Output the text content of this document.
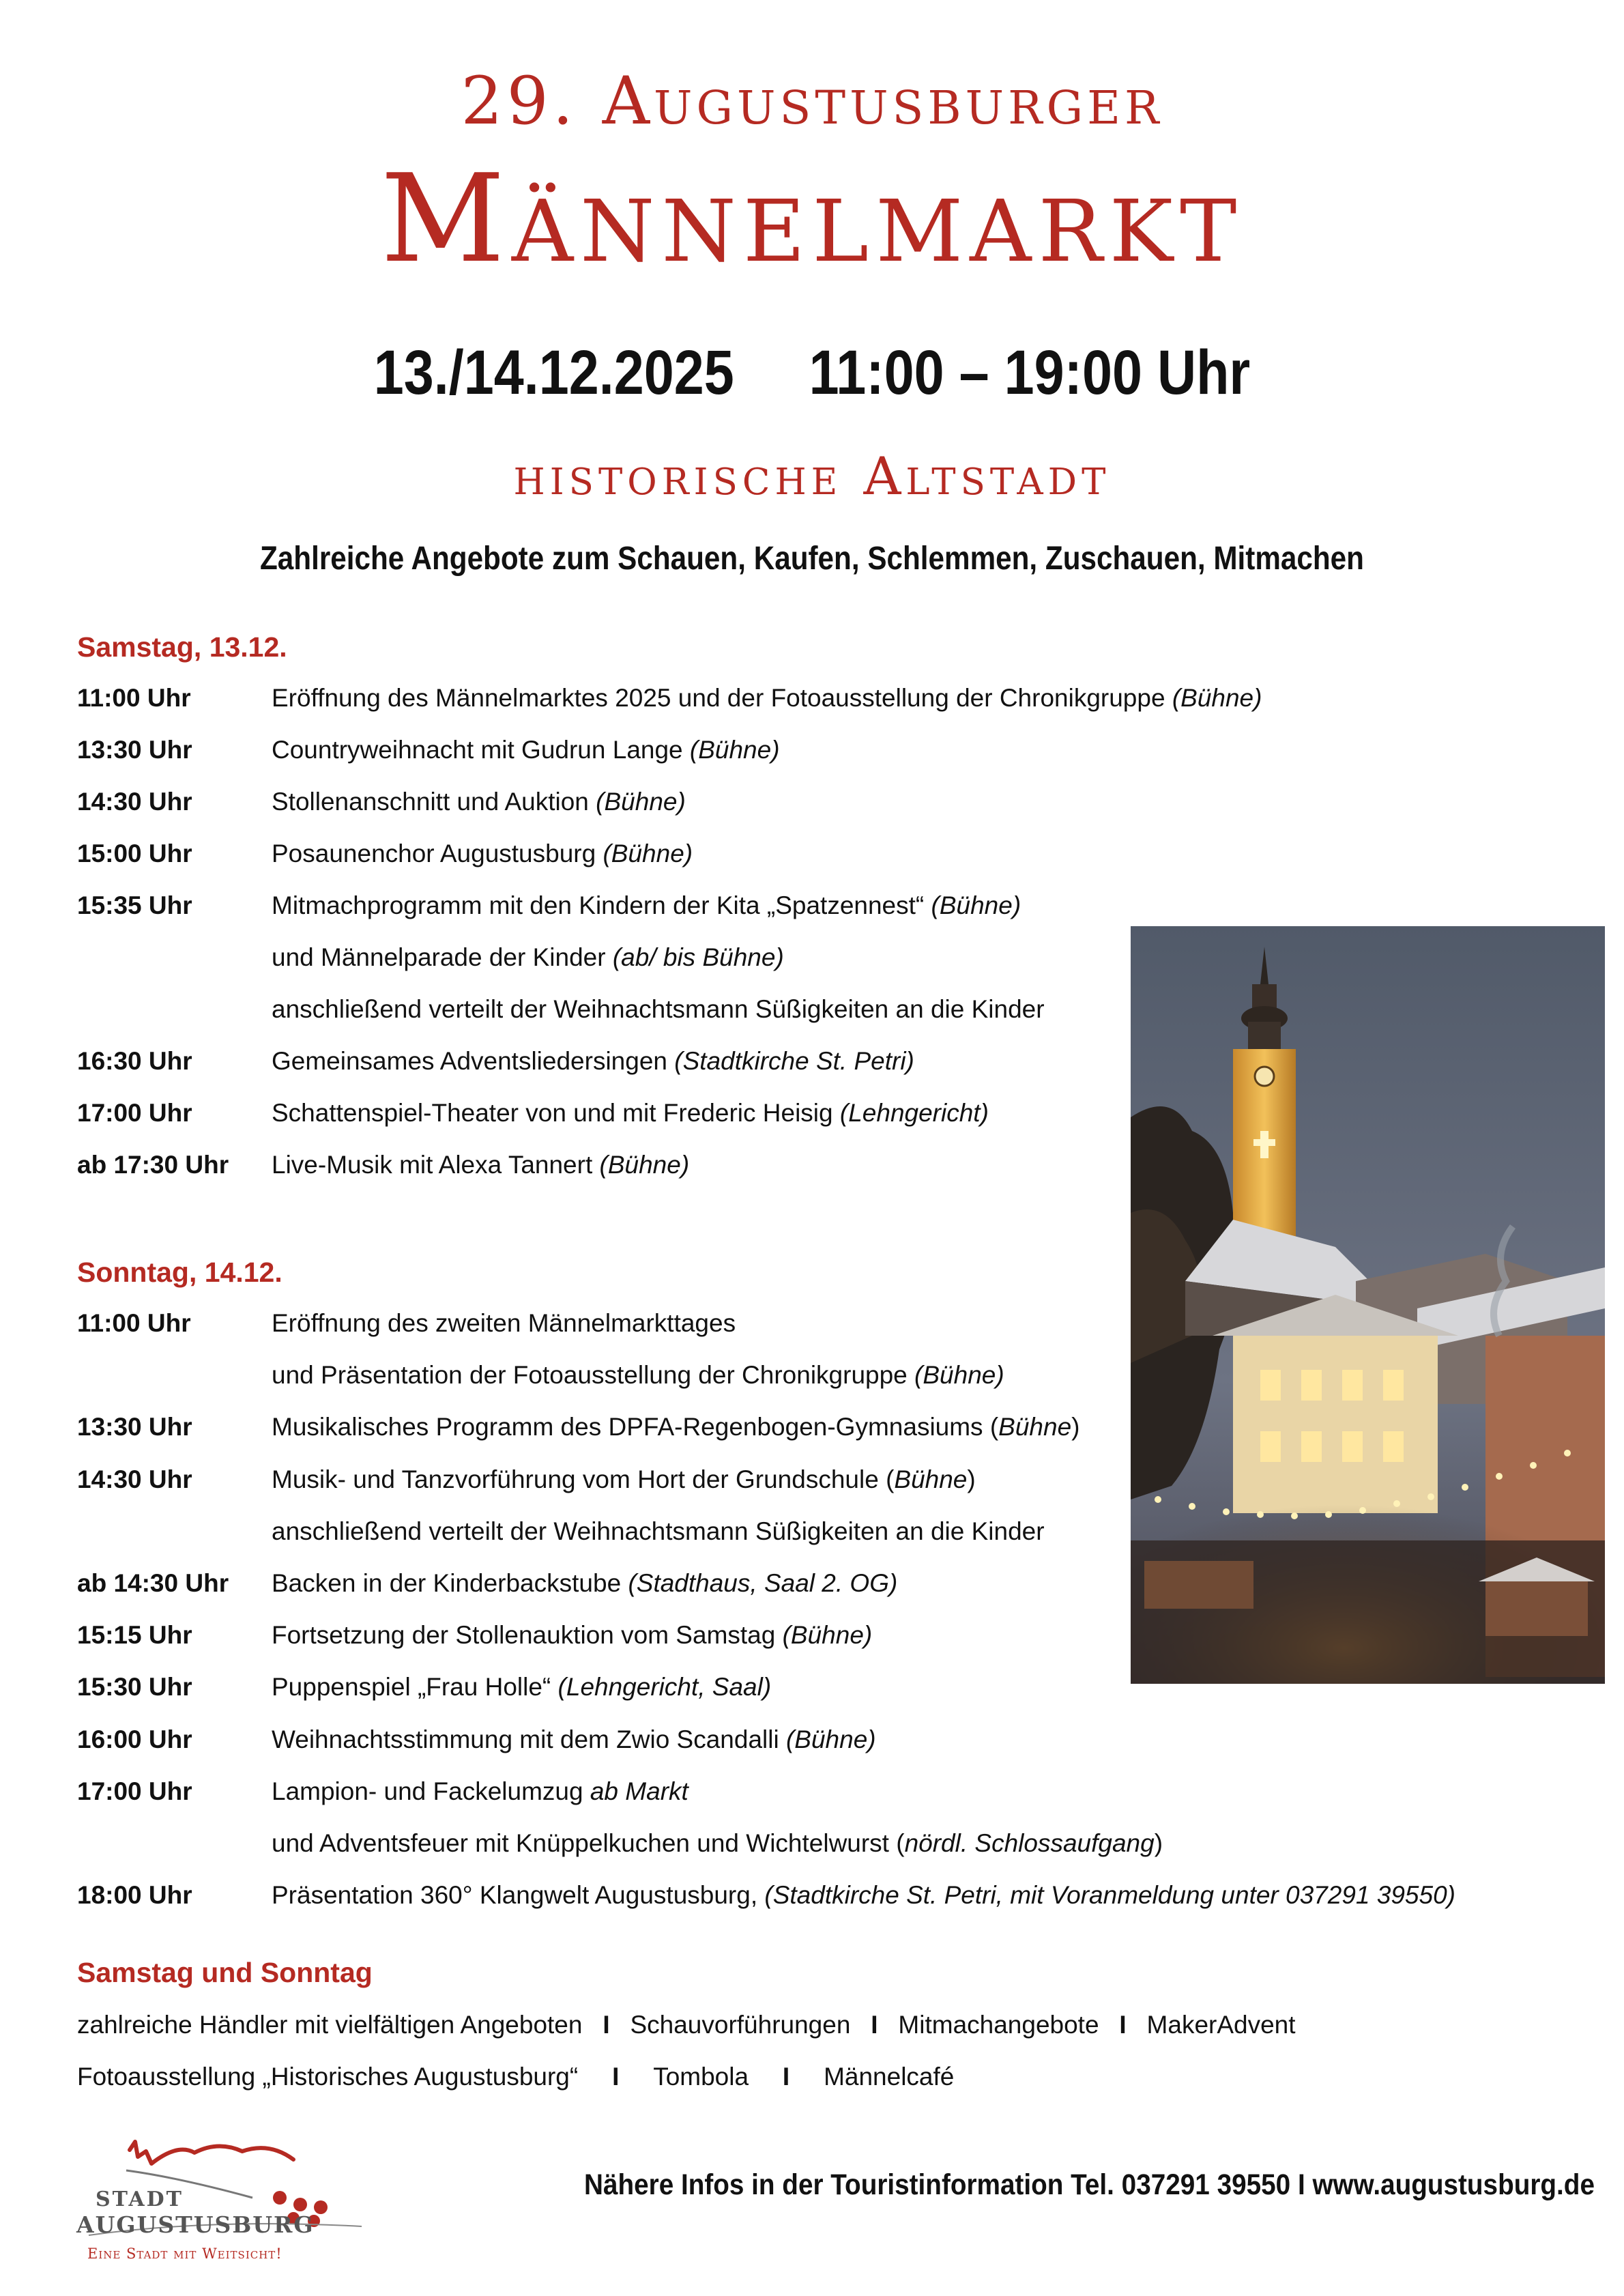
29. Augustusburger
Männelmarkt
13./14.12.2025 11:00 – 19:00 Uhr
historische Altstadt
Zahlreiche Angebote zum Schauen, Kaufen, Schlemmen, Zuschauen, Mitmachen
Samstag, 13.12.
11:00 Uhr	Eröffnung des Männelmarktes 2025 und der Fotoausstellung der Chronikgruppe (Bühne)
13:30 Uhr	Countryweihnacht mit Gudrun Lange (Bühne)
14:30 Uhr	Stollenanschnitt und Auktion (Bühne)
15:00 Uhr	Posaunenchor Augustusburg (Bühne)
15:35 Uhr	Mitmachprogramm mit den Kindern der Kita „Spatzennest“ (Bühne)
und Männelparade der Kinder (ab/ bis Bühne)
anschließend verteilt der Weihnachtsmann Süßigkeiten an die Kinder
16:30 Uhr	Gemeinsames Adventsliedersingen (Stadtkirche St. Petri)
17:00 Uhr	Schattenspiel-Theater von und mit Frederic Heisig (Lehngericht)
ab 17:30 Uhr Live-Musik mit Alexa Tannert (Bühne)
Sonntag, 14.12.
11:00 Uhr	Eröffnung des zweiten Männelmarkttages
und Präsentation der Fotoausstellung der Chronikgruppe (Bühne)
13:30 Uhr	Musikalisches Programm des DPFA-Regenbogen-Gymnasiums (Bühne)
14:30 Uhr	Musik- und Tanzvorführung vom Hort der Grundschule (Bühne)
anschließend verteilt der Weihnachtsmann Süßigkeiten an die Kinder
ab 14:30 Uhr Backen in der Kinderbackstube (Stadthaus, Saal 2. OG)
15:15 Uhr	Fortsetzung der Stollenauktion vom Samstag (Bühne)
15:30 Uhr	Puppenspiel „Frau Holle“ (Lehngericht, Saal)
16:00 Uhr	Weihnachtsstimmung mit dem Zwio Scandalli (Bühne)
17:00 Uhr	Lampion- und Fackelumzug ab Markt
und Adventsfeuer mit Knüppelkuchen und Wichtelwurst (nördl. Schlossaufgang)
18:00 Uhr	Präsentation 360° Klangwelt Augustusburg, (Stadtkirche St. Petri, mit Voranmeldung unter 037291 39550)
Samstag und Sonntag
zahlreiche Händler mit vielfältigen Angeboten I Schauvorführungen I Mitmachangebote I MakerAdvent
Fotoausstellung „Historisches Augustusburg“ I Tombola I Männelcafé
STADT
AUGUSTUSBURG
Eine Stadt mit Weitsicht!
Nähere Infos in der Touristinformation Tel. 037291 39550 I www.augustusburg.de
